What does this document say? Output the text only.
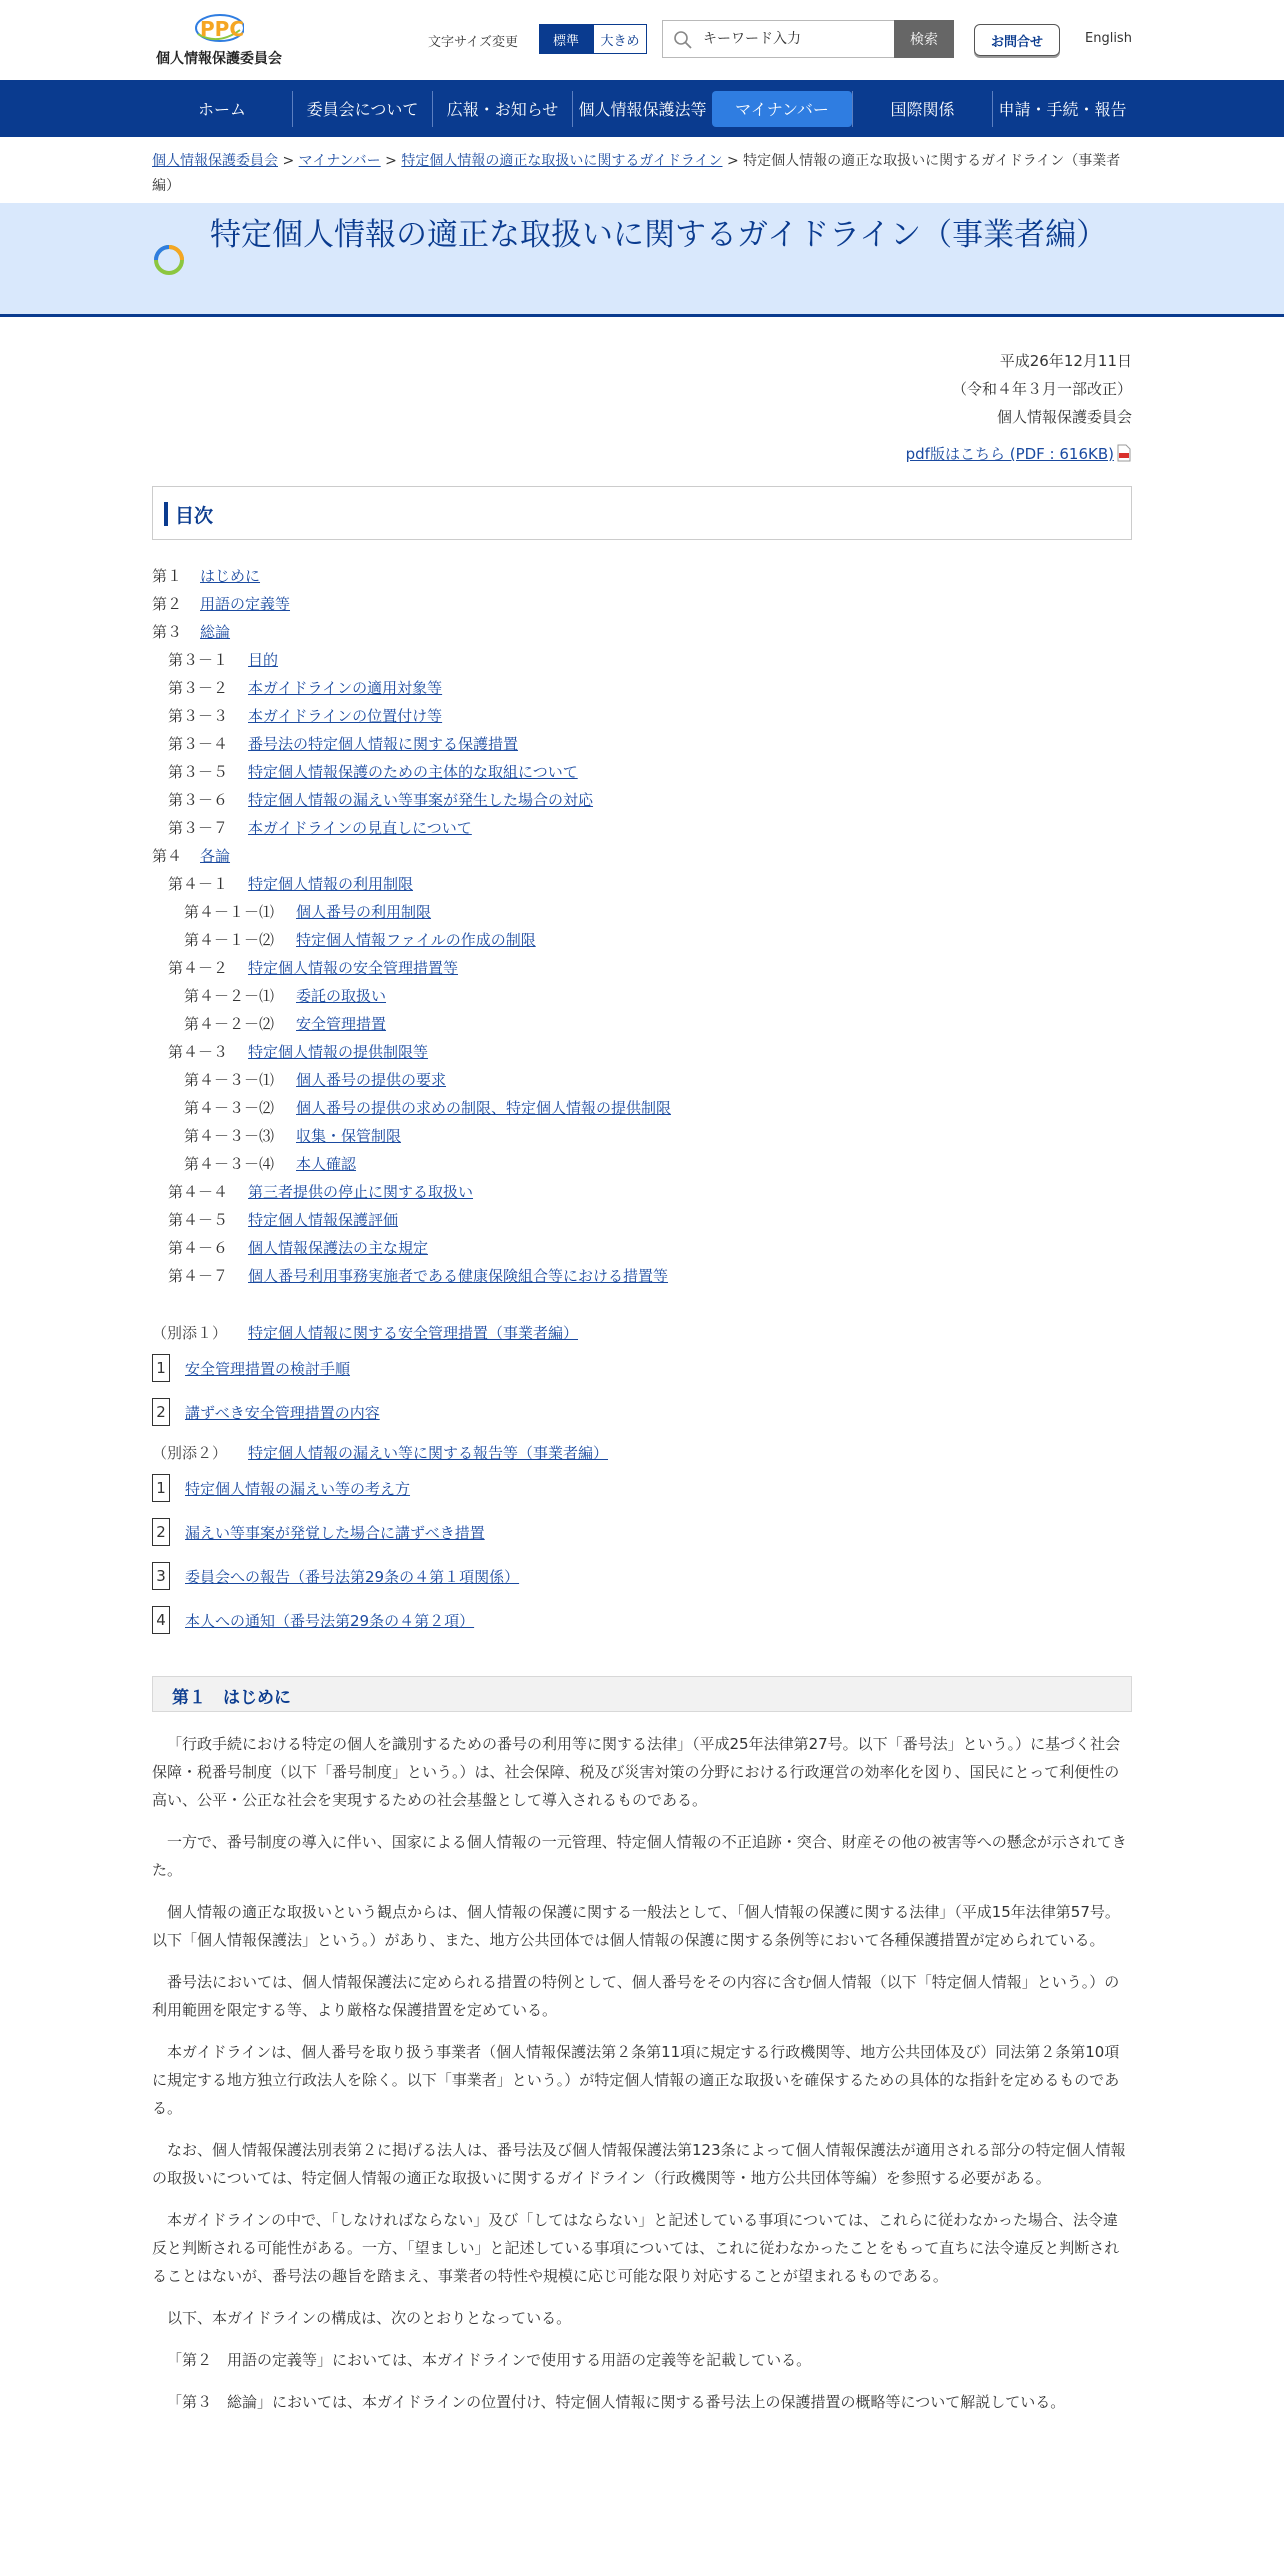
PPC
個人情報保護委員会
文字サイズ変更	標準	大きめ
キーワード入力	検索	お問合せ	English
ホーム	委員会について	広報・お知らせ	個人情報保護法等	マイナンバー	国際関係	申請・手続・報告
個人情報保護委員会 > マイナンバー > 特定個人情報の適正な取扱いに関するガイドライン > 特定個人情報の適正な取扱いに関するガイドライン（事業者編）
特定個人情報の適正な取扱いに関するガイドライン（事業者編）
平成26年12月11日
（令和４年３月一部改正）
個人情報保護委員会
pdf版はこちら (PDF : 616KB)
目次
第１ はじめに
第２ 用語の定義等
第３ 総論
第３－１ 目的
第３－２ 本ガイドラインの適用対象等
第３－３ 本ガイドラインの位置付け等
第３－４ 番号法の特定個人情報に関する保護措置
第３－５ 特定個人情報保護のための主体的な取組について
第３－６ 特定個人情報の漏えい等事案が発生した場合の対応
第３－７ 本ガイドラインの見直しについて
第４ 各論
第４－１ 特定個人情報の利用制限
第４－１－⑴ 個人番号の利用制限
第４－１－⑵ 特定個人情報ファイルの作成の制限
第４－２ 特定個人情報の安全管理措置等
第４－２－⑴ 委託の取扱い
第４－２－⑵ 安全管理措置
第４－３ 特定個人情報の提供制限等
第４－３－⑴ 個人番号の提供の要求
第４－３－⑵ 個人番号の提供の求めの制限、特定個人情報の提供制限
第４－３－⑶ 収集・保管制限
第４－３－⑷ 本人確認
第４－４ 第三者提供の停止に関する取扱い
第４－５ 特定個人情報保護評価
第４－６ 個人情報保護法の主な規定
第４－７ 個人番号利用事務実施者である健康保険組合等における措置等
（別添１） 特定個人情報に関する安全管理措置（事業者編）
1 安全管理措置の検討手順
2 講ずべき安全管理措置の内容
（別添２） 特定個人情報の漏えい等に関する報告等（事業者編）
1 特定個人情報の漏えい等の考え方
2 漏えい等事案が発覚した場合に講ずべき措置
3 委員会への報告（番号法第29条の４第１項関係）
4 本人への通知（番号法第29条の４第２項）
第１　はじめに

「行政手続における特定の個人を識別するための番号の利用等に関する法律」（平成25年法律第27号。以下「番号法」という。）に基づく社会保障・税番号制度（以下「番号制度」という。）は、社会保障、税及び災害対策の分野における行政運営の効率化を図り、国民にとって利便性の高い、公平・公正な社会を実現するための社会基盤として導入されるものである。

一方で、番号制度の導入に伴い、国家による個人情報の一元管理、特定個人情報の不正追跡・突合、財産その他の被害等への懸念が示されてきた。

個人情報の適正な取扱いという観点からは、個人情報の保護に関する一般法として、「個人情報の保護に関する法律」（平成15年法律第57号。以下「個人情報保護法」という。）があり、また、地方公共団体では個人情報の保護に関する条例等において各種保護措置が定められている。

番号法においては、個人情報保護法に定められる措置の特例として、個人番号をその内容に含む個人情報（以下「特定個人情報」という。）の利用範囲を限定する等、より厳格な保護措置を定めている。

本ガイドラインは、個人番号を取り扱う事業者（個人情報保護法第２条第11項に規定する行政機関等、地方公共団体及び）同法第２条第10項に規定する地方独立行政法人を除く。以下「事業者」という。）が特定個人情報の適正な取扱いを確保するための具体的な指針を定めるものである。

なお、個人情報保護法別表第２に掲げる法人は、番号法及び個人情報保護法第123条によって個人情報保護法が適用される部分の特定個人情報の取扱いについては、特定個人情報の適正な取扱いに関するガイドライン（行政機関等・地方公共団体等編）を参照する必要がある。

本ガイドラインの中で、「しなければならない」及び「してはならない」と記述している事項については、これらに従わなかった場合、法令違反と判断される可能性がある。一方、「望ましい」と記述している事項については、これに従わなかったことをもって直ちに法令違反と判断されることはないが、番号法の趣旨を踏まえ、事業者の特性や規模に応じ可能な限り対応することが望まれるものである。

以下、本ガイドラインの構成は、次のとおりとなっている。

「第２　用語の定義等」においては、本ガイドラインで使用する用語の定義等を記載している。

「第３　総論」においては、本ガイドラインの位置付け、特定個人情報に関する番号法上の保護措置の概略等について解説している。
